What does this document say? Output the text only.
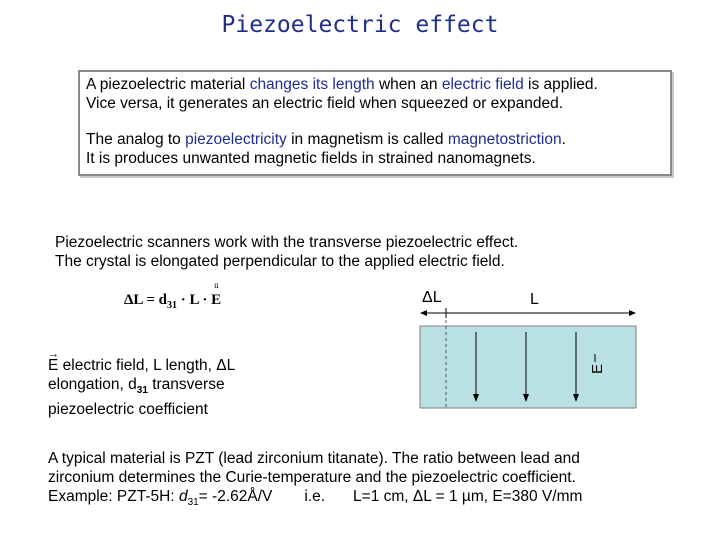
Piezoelectric effect

A piezoelectric material changes its length when an electric field is applied.

Vice versa, it generates an electric field when squeezed or expanded.

The analog to piezoelectricity in magnetism is called magnetostriction.

It is produces unwanted magnetic fields in strained nanomagnets.

Piezoelectric scanners work with the transverse piezoelectric effect.

The crystal is elongated perpendicular to the applied electric field.

$\Delta L = d_{31} \cdot L \cdot u$ E

→ E electric field, L length, ΔL

elongation, $d_{31}$ transverse

piezoelectric coefficient

ΔL	L
E

A typical material is PZT (lead zirconium titanate). The ratio between lead and

zirconium determines the Curie-temperature and the piezoelectric coefficient.

Example: PZT-5H: $d_{31}=$ -2.62Å/V i.e. L=1 cm, ΔL = 1 µm, E=380 V/mm
